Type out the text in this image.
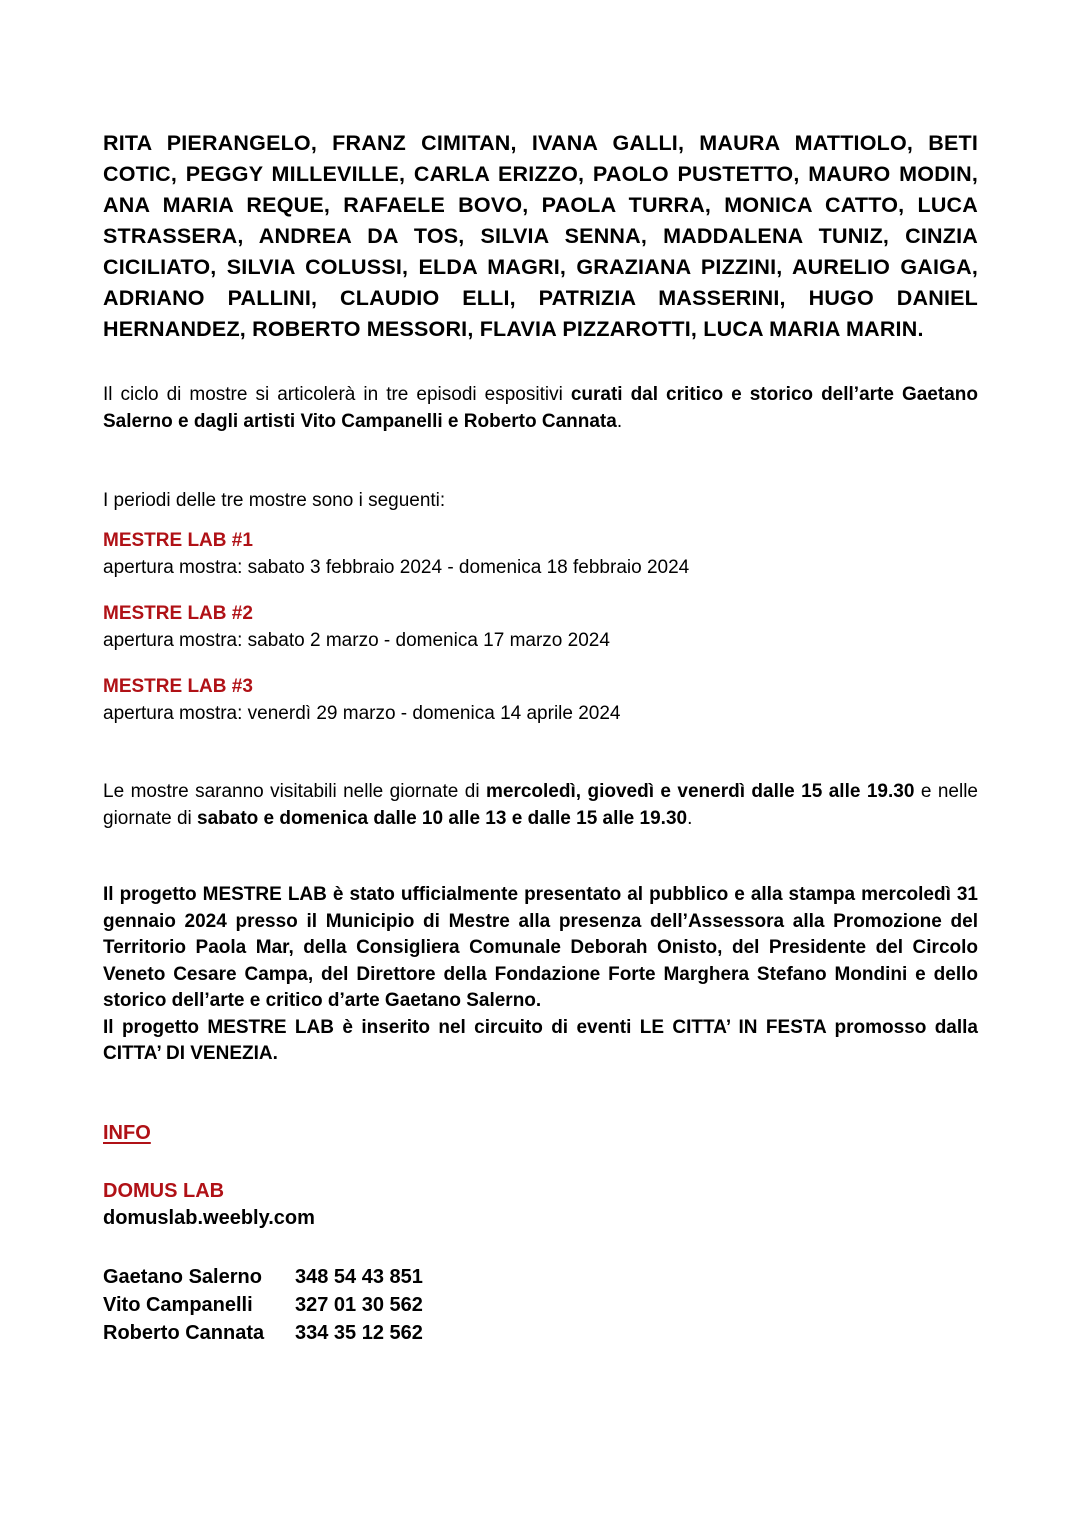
RITA PIERANGELO, FRANZ CIMITAN, IVANA GALLI, MAURA MATTIOLO, BETI COTIC, PEGGY MILLEVILLE, CARLA ERIZZO, PAOLO PUSTETTO, MAURO MODIN, ANA MARIA REQUE, RAFAELE BOVO, PAOLA TURRA, MONICA CATTO, LUCA STRASSERA, ANDREA DA TOS, SILVIA SENNA, MADDALENA TUNIZ, CINZIA CICILIATO, SILVIA COLUSSI, ELDA MAGRI, GRAZIANA PIZZINI, AURELIO GAIGA, ADRIANO PALLINI, CLAUDIO ELLI, PATRIZIA MASSERINI, HUGO DANIEL HERNANDEZ, ROBERTO MESSORI, FLAVIA PIZZAROTTI, LUCA MARIA MARIN.

Il ciclo di mostre si articolerà in tre episodi espositivi curati dal critico e storico dell’arte Gaetano Salerno e dagli artisti Vito Campanelli e Roberto Cannata.

I periodi delle tre mostre sono i seguenti:

MESTRE LAB #1
apertura mostra: sabato 3 febbraio 2024 - domenica 18 febbraio 2024
MESTRE LAB #2
apertura mostra: sabato 2 marzo - domenica 17 marzo 2024
MESTRE LAB #3
apertura mostra: venerdì 29 marzo - domenica 14 aprile 2024

Le mostre saranno visitabili nelle giornate di mercoledì, giovedì e venerdì dalle 15 alle 19.30 e nelle giornate di sabato e domenica dalle 10 alle 13 e dalle 15 alle 19.30.

Il progetto MESTRE LAB è stato ufficialmente presentato al pubblico e alla stampa mercoledì 31 gennaio 2024 presso il Municipio di Mestre alla presenza dell’Assessora alla Promozione del Territorio Paola Mar, della Consigliera Comunale Deborah Onisto, del Presidente del Circolo Veneto Cesare Campa, del Direttore della Fondazione Forte Marghera Stefano Mondini e dello storico dell’arte e critico d’arte Gaetano Salerno.
Il progetto MESTRE LAB è inserito nel circuito di eventi LE CITTA’ IN FESTA promosso dalla CITTA’ DI VENEZIA.
INFO
DOMUS LAB
domuslab.weebly.com
Gaetano Salerno 348 54 43 851
Vito Campanelli 327 01 30 562
Roberto Cannata 334 35 12 562
